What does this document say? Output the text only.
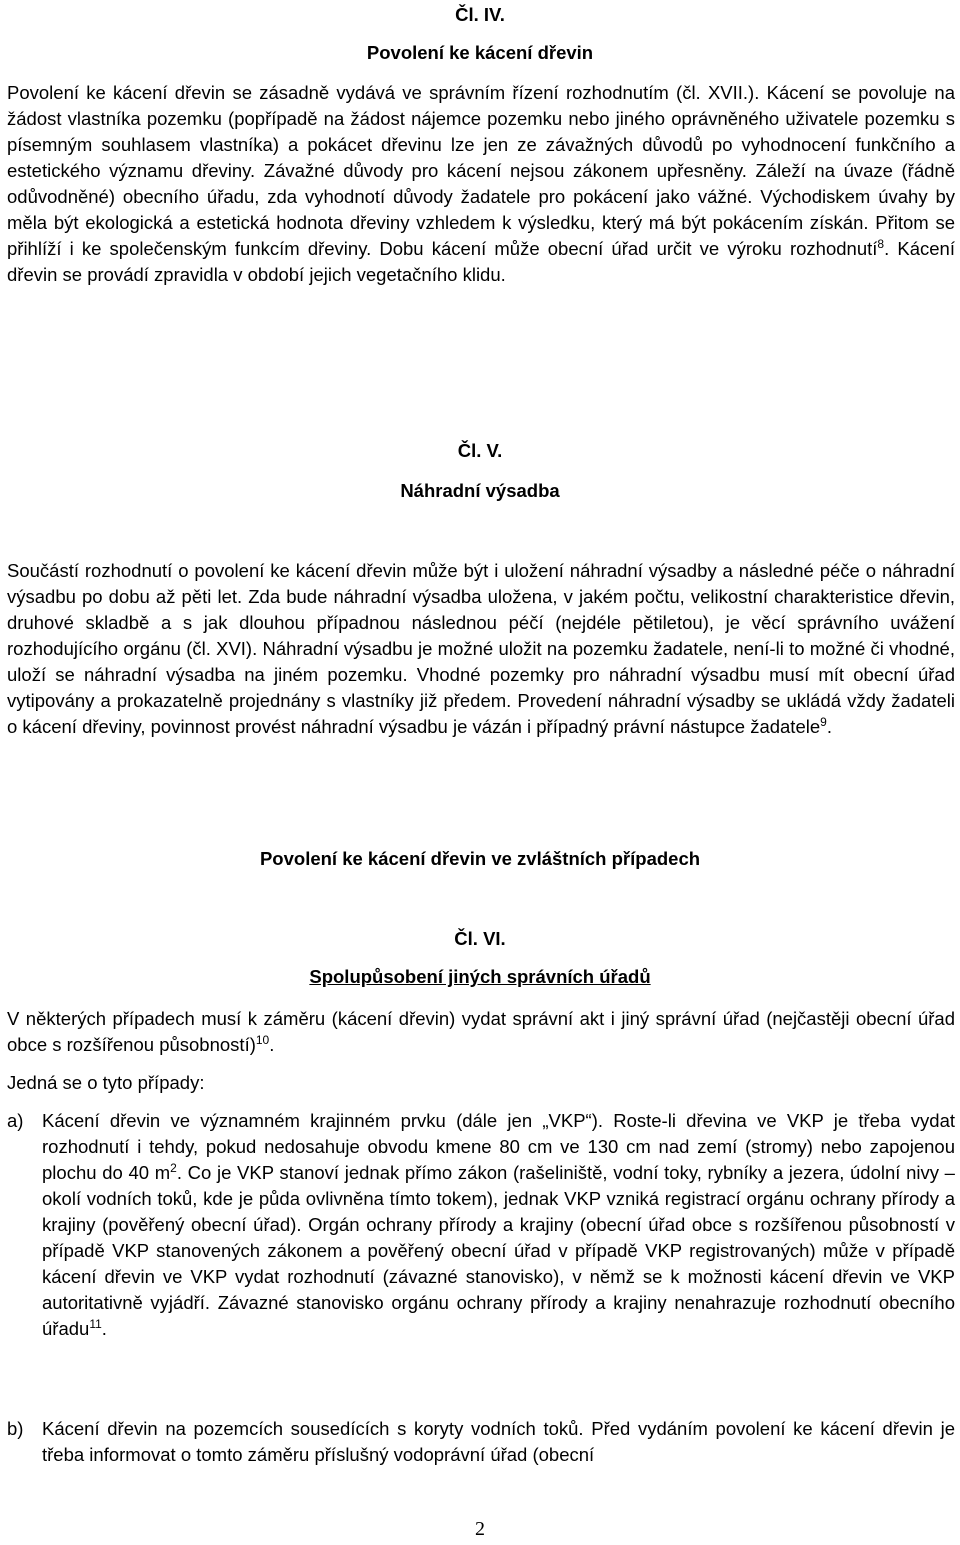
Čl. IV.
Povolení ke kácení dřevin

Povolení ke kácení dřevin se zásadně vydává ve správním řízení rozhodnutím (čl. XVII.). Kácení se povoluje na žádost vlastníka pozemku (popřípadě na žádost nájemce pozemku nebo jiného oprávněného uživatele pozemku s písemným souhlasem vlastníka) a pokácet dřevinu lze jen ze závažných důvodů po vyhodnocení funkčního a estetického významu dřeviny. Závažné důvody pro kácení nejsou zákonem upřesněny. Záleží na úvaze (řádně odůvodněné) obecního úřadu, zda vyhodnotí důvody žadatele pro pokácení jako vážné. Východiskem úvahy by měla být ekologická a estetická hodnota dřeviny vzhledem k výsledku, který má být pokácením získán. Přitom se přihlíží i ke společenským funkcím dřeviny. Dobu kácení může obecní úřad určit ve výroku rozhodnutí$^8$. Kácení dřevin se provádí zpravidla v období jejich vegetačního klidu.

Čl. V.
Náhradní výsadba

Součástí rozhodnutí o povolení ke kácení dřevin může být i uložení náhradní výsadby a následné péče o náhradní výsadbu po dobu až pěti let. Zda bude náhradní výsadba uložena, v jakém počtu, velikostní charakteristice dřevin, druhové skladbě a s jak dlouhou případnou následnou péčí (nejdéle pětiletou), je věcí správního uvážení rozhodujícího orgánu (čl. XVI). Náhradní výsadbu je možné uložit na pozemku žadatele, není-li to možné či vhodné, uloží se náhradní výsadba na jiném pozemku. Vhodné pozemky pro náhradní výsadbu musí mít obecní úřad vytipovány a prokazatelně projednány s vlastníky již předem. Provedení náhradní výsadby se ukládá vždy žadateli o kácení dřeviny, povinnost provést náhradní výsadbu je vázán i případný právní nástupce žadatele$^9$.

Povolení ke kácení dřevin ve zvláštních případech
Čl. VI.
Spolupůsobení jiných správních úřadů

V některých případech musí k záměru (kácení dřevin) vydat správní akt i jiný správní úřad (nejčastěji obecní úřad obce s rozšířenou působností)$^{10}$.

Jedná se o tyto případy:

a)	Kácení dřevin ve významném krajinném prvku (dále jen „VKP“). Roste-li dřevina ve VKP je třeba vydat rozhodnutí i tehdy, pokud nedosahuje obvodu kmene 80 cm ve 130 cm nad zemí (stromy) nebo zapojenou plochu do 40 $m^2$. Co je VKP stanoví jednak přímo zákon (rašeliniště, vodní toky, rybníky a jezera, údolní nivy – okolí vodních toků, kde je půda ovlivněna tímto tokem), jednak VKP vzniká registrací orgánu ochrany přírody a krajiny (pověřený obecní úřad). Orgán ochrany přírody a krajiny (obecní úřad obce s rozšířenou působností v případě VKP stanovených zákonem a pověřený obecní úřad v případě VKP registrovaných) může v případě kácení dřevin ve VKP vydat rozhodnutí (závazné stanovisko), v němž se k možnosti kácení dřevin ve VKP autoritativně vyjádří. Závazné stanovisko orgánu ochrany přírody a krajiny nenahrazuje rozhodnutí obecního úřadu$^{11}$.
b)	Kácení dřevin na pozemcích sousedících s koryty vodních toků. Před vydáním povolení ke kácení dřevin je třeba informovat o tomto záměru příslušný vodoprávní úřad (obecní
2
